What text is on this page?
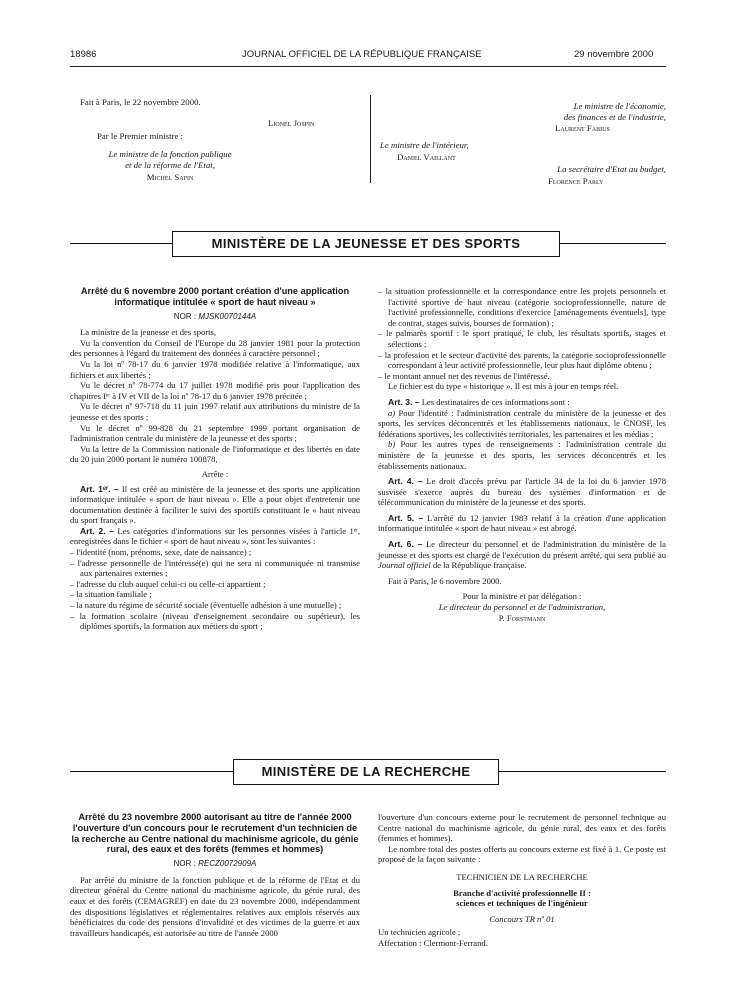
18986	JOURNAL OFFICIEL DE LA RÉPUBLIQUE FRANÇAISE	29 novembre 2000
Fait à Paris, le 22 novembre 2000.
Lionel Jospin
Par le Premier ministre :
Le ministre de la fonction publique
et de la réforme de l'Etat,
Michel Sapin
Le ministre de l'intérieur,
Daniel Vaillant
Le ministre de l'économie,
des finances et de l'industrie,
Laurent Fabius
La secrétaire d'Etat au budget,
Florence Parly
MINISTÈRE DE LA JEUNESSE ET DES SPORTS

Arrêté du 6 novembre 2000 portant création d'une application informatique intitulée « sport de haut niveau »

NOR : MJSK0070144A

La ministre de la jeunesse et des sports,

Vu la convention du Conseil de l'Europe du 28 janvier 1981 pour la protection des personnes à l'égard du traitement des données à caractère personnel ;

Vu la loi nº 78-17 du 6 janvier 1978 modifiée relative à l'informatique, aux fichiers et aux libertés ;

Vu le décret nº 78-774 du 17 juillet 1978 modifié pris pour l'application des chapitres Iᵉʳ à IV et VII de la loi nº 78-17 du 6 janvier 1978 précitée ;

Vu le décret nº 97-718 du 11 juin 1997 relatif aux attributions du ministre de la jeunesse et des sports ;

Vu le décret nº 99-828 du 21 septembre 1999 portant organisation de l'administration centrale du ministère de la jeunesse et des sports ;

Vu la lettre de la Commission nationale de l'informatique et des libertés en date du 20 juin 2000 portant le numéro 100878,

Arrête :

Art. 1ᵉʳ. – Il est créé au ministère de la jeunesse et des sports une application informatique intitulée « sport de haut niveau ». Elle a pour objet d'entretenir une documentation destinée à faciliter le suivi des sportifs constituant le « haut niveau du sport français ».

Art. 2. – Les catégories d'informations sur les personnes visées à l'article 1ᵉʳ, enregistrées dans le fichier « sport de haut niveau », sont les suivantes :

– l'identité (nom, prénoms, sexe, date de naissance) ;

– l'adresse personnelle de l'intéressé(e) qui ne sera ni communiquée ni transmise aux partenaires externes ;

– l'adresse du club auquel celui-ci ou celle-ci appartient ;

– la situation familiale ;

– la nature du régime de sécurité sociale (éventuelle adhésion à une mutuelle) ;

– la formation scolaire (niveau d'enseignement secondaire ou supérieur), les diplômes sportifs, la formation aux métiers du sport ;

– la situation professionnelle et la correspondance entre les projets personnels et l'activité sportive de haut niveau (catégorie socioprofessionnelle, nature de l'activité professionnelle, conditions d'exercice [aménagements éventuels], type de contrat, stages suivis, bourses de formation) ;

– le palmarès sportif : le sport pratiqué, le club, les résultats sportifs, stages et sélections ;

– la profession et le secteur d'activité des parents, la catégorie socioprofessionnelle correspondant à leur activité professionnelle, leur plus haut diplôme obtenu ;

– le montant annuel net des revenus de l'intéressé.

Le fichier est du type « historique ». Il est mis à jour en temps réel.

Art. 3. – Les destinataires de ces informations sont :

a) Pour l'identité : l'administration centrale du ministère de la jeunesse et des sports, les services déconcentrés et les établissements nationaux, le CNOSF, les fédérations sportives, les collectivités territoriales, les partenaires et les médias ;

b) Pour les autres types de renseignements : l'administration centrale du ministère de la jeunesse et des sports, les services déconcentrés et les établissements nationaux.

Art. 4. – Le droit d'accès prévu par l'article 34 de la loi du 6 janvier 1978 susvisée s'exerce auprès du bureau des systèmes d'information et de télécommunication du ministère de la jeunesse et des sports.

Art. 5. – L'arrêté du 12 janvier 1983 relatif à la création d'une application informatique intitulée « sport de haut niveau » est abrogé.

Art. 6. – Le directeur du personnel et de l'administration du ministère de la jeunesse et des sports est chargé de l'exécution du présent arrêté, qui sera publié au Journal officiel de la République française.

Fait à Paris, le 6 novembre 2000.

Pour la ministre et par délégation :

Le directeur du personnel et de l'administration,

P. Forstmann

MINISTÈRE DE LA RECHERCHE

Arrêté du 23 novembre 2000 autorisant au titre de l'année 2000 l'ouverture d'un concours pour le recrutement d'un technicien de la recherche au Centre national du machinisme agricole, du génie rural, des eaux et des forêts (femmes et hommes)

NOR : RECZ0072909A

Par arrêté du ministre de la fonction publique et de la réforme de l'Etat et du directeur général du Centre national du machinisme agricole, du génie rural, des eaux et des forêts (CEMAGREF) en date du 23 novembre 2000, indépendamment des dispositions législatives et réglementaires relatives aux emplois réservés aux bénéficiaires du code des pensions d'invalidité et des victimes de la guerre et aux travailleurs handicapés, est autorisée au titre de l'année 2000

l'ouverture d'un concours externe pour le recrutement de personnel technique au Centre national du machinisme agricole, du génie rural, des eaux et des forêts (femmes et hommes).

Le nombre total des postes offerts au concours externe est fixé à 1. Ce poste est proposé de la façon suivante :

TECHNICIEN DE LA RECHERCHE

Branche d'activité professionnelle II :

sciences et techniques de l'ingénieur

Concours TR nº 01

Un technicien agricole ;

Affectation : Clermont-Ferrand.
